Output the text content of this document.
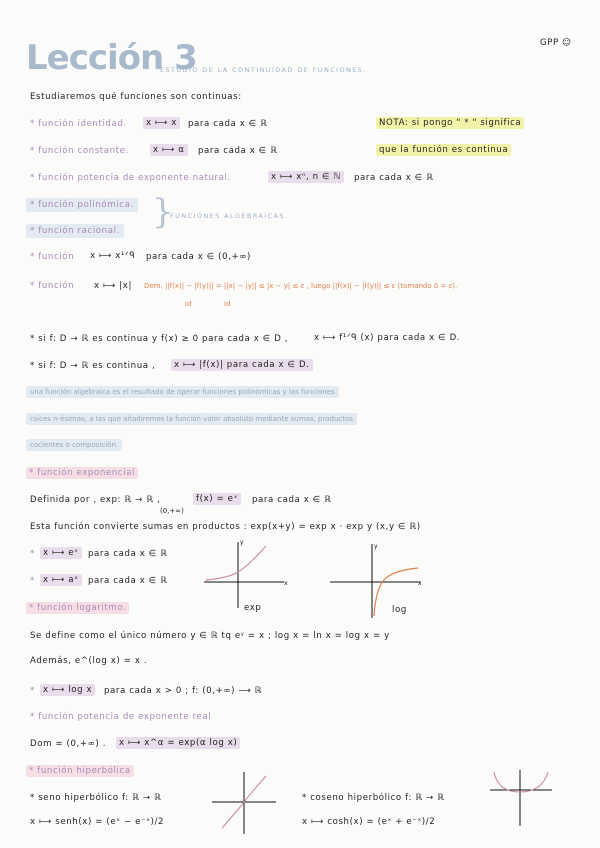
Lección 3
ESTUDIO DE LA CONTINUIDAD DE FUNCIONES.
GPP ☺
Estudiaremos qué funciones son continuas:
NOTA: si pongo " * " significa
que la función es continua
* función identidad.	x ⟼ x	para cada x ∈ ℝ
* función constante.	x ⟼ α	para cada x ∈ ℝ
* función potencia de exponente natural.	x ⟼ xⁿ, n ∈ ℕ	para cada x ∈ ℝ
* función polinómica.
* función racional. }
FUNCIONES ALGEBRAICAS.
* función x ⟼ x¹ᐟᑫ para cada x ∈ (0,+∞)
* función x ⟼ |x| Dem. ||f(x)| − |f(y)|| = ||x| − |y|| ≤ |x − y| ≤ ε , luego ||f(x)| − |f(y)|| ≤ ε (tomando δ = ε).
id	id
* si f: D → ℝ es continua y f(x) ≥ 0 para cada x ∈ D ,	x ⟼ f¹ᐟᑫ (x) para cada x ∈ D.
* si f: D → ℝ es continua ,	x ⟼ |f(x)| para cada x ∈ D.
una función algebraica es el resultado de operar funciones polinómicas y las funciones
raíces n-ésimas, a las que añadiremos la función valor absoluto mediante sumas, productos
cocientes o composición.
* función exponencial
Definida por , exp: ℝ → ℝ ,
(0,+∞)
f(x) = eˣ	para cada x ∈ ℝ
Esta función convierte sumas en productos : exp(x+y) = exp x · exp y (x,y ∈ ℝ)
* x ⟼ eˣ	para cada x ∈ ℝ
* x ⟼ aˣ	para cada x ∈ ℝ
y
x
exp
y
x
log
* función logaritmo.
Se define como el único número y ∈ ℝ tq eʸ = x ; log x = ln x = log x = y
Además, e^(log x) = x .
* x ⟼ log x	para cada x > 0 ; f: (0,+∞) ⟶ ℝ
* función potencia de exponente real
Dom = (0,+∞) .	x ⟼ x^α = exp(α log x)
* función hiperbólica
* seno hiperbólico f: ℝ → ℝ
x ⟼ senh(x) = (eˣ − e⁻ˣ)/2
* coseno hiperbólico f: ℝ → ℝ
x ⟼ cosh(x) = (eˣ + e⁻ˣ)/2
